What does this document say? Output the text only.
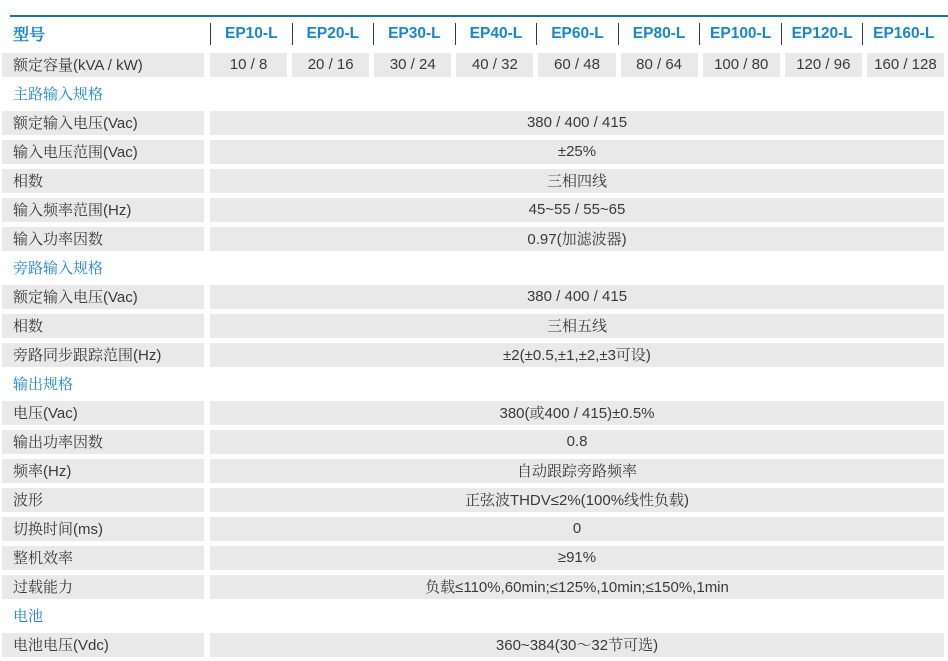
型号	EP10-L	EP20-L	EP30-L	EP40-L	EP60-L	EP80-L	EP100-L	EP120-L	EP160-L
额定容量(kVA / kW)	10 / 8	20 / 16	30 / 24	40 / 32	60 / 48	80 / 64	100 / 80	120 / 96	160 / 128
主路输入规格
额定输入电压(Vac)	380 / 400 / 415
输入电压范围(Vac)	±25%
相数	三相四线
输入频率范围(Hz)	45~55 / 55~65
输入功率因数	0.97(加滤波器)
旁路输入规格
额定输入电压(Vac)	380 / 400 / 415
相数	三相五线
旁路同步跟踪范围(Hz)	±2(±0.5,±1,±2,±3可设)
输出规格
电压(Vac)	380(或400 / 415)±0.5%
输出功率因数	0.8
频率(Hz)	自动跟踪旁路频率
波形	正弦波THDV≤2%(100%线性负载)
切换时间(ms)	0
整机效率	≥91%
过载能力	负载≤110%,60min;≤125%,10min;≤150%,1min
电池
电池电压(Vdc)	360~384(30～32节可选)
